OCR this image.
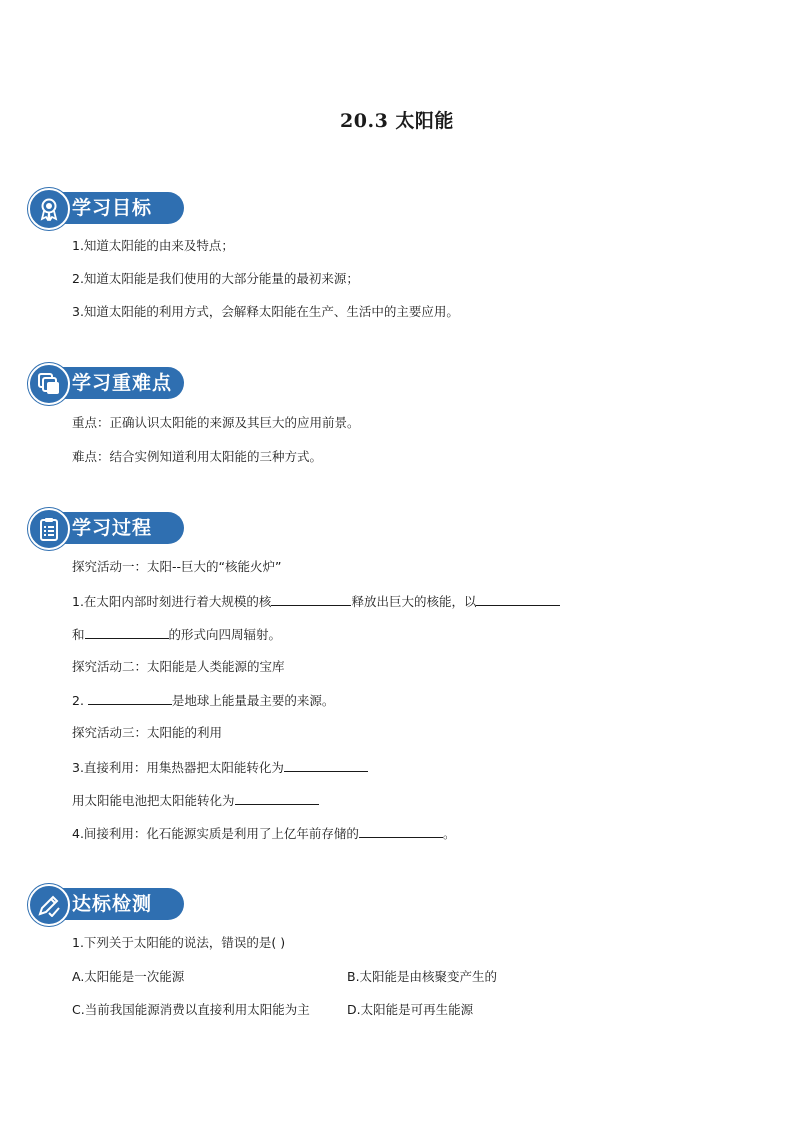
20.3 太阳能
学习目标
1.知道太阳能的由来及特点；
2.知道太阳能是我们使用的大部分能量的最初来源；
3.知道太阳能的利用方式，会解释太阳能在生产、生活中的主要应用。
学习重难点
重点：正确认识太阳能的来源及其巨大的应用前景。
难点：结合实例知道利用太阳能的三种方式。
学习过程
探究活动一：太阳--巨大的“核能火炉”
1.在太阳内部时刻进行着大规模的核	释放出巨大的核能，以
和	的形式向四周辐射。
探究活动二：太阳能是人类能源的宝库
2.	是地球上能量最主要的来源。
探究活动三：太阳能的利用
3.直接利用：用集热器把太阳能转化为
用太阳能电池把太阳能转化为
4.间接利用：化石能源实质是利用了上亿年前存储的	。
达标检测
1.下列关于太阳能的说法，错误的是( )
A.太阳能是一次能源	B.太阳能是由核聚变产生的
C.当前我国能源消费以直接利用太阳能为主	D.太阳能是可再生能源
